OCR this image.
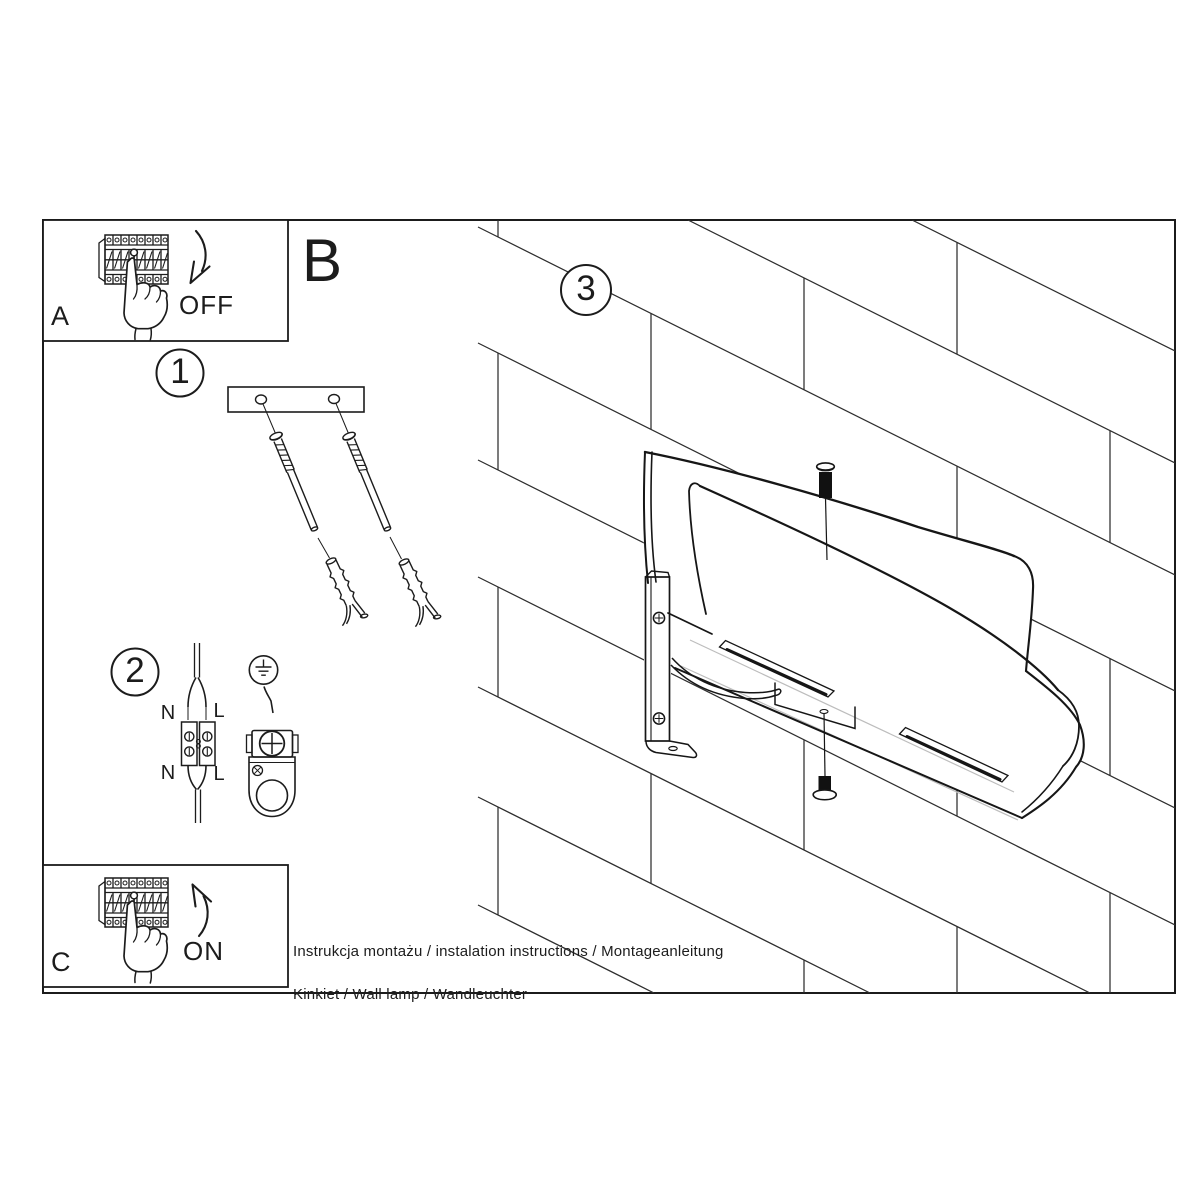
A
B
C
OFF
ON
1
2
3
N L
N L
Instrukcja montażu / instalation instructions / Montageanleitung

Kinkiet / Wall lamp / Wandleuchter
